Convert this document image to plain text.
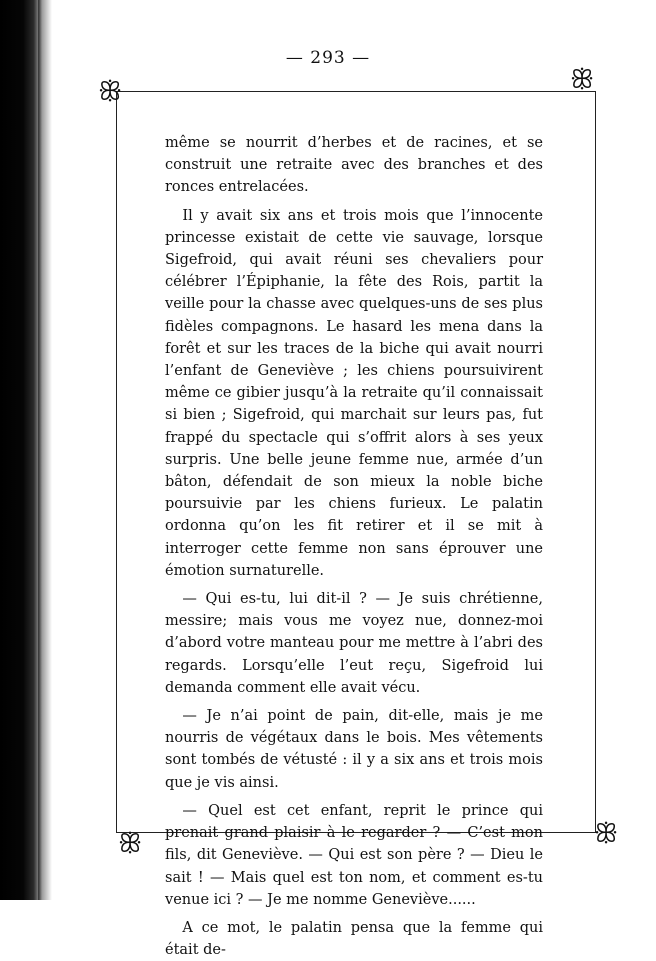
— 293 —
ꕥ	ꕥ
ꕥ	ꕥ

même se nourrit d’herbes et de racines, et se construit une retraite avec des branches et des ronces entrelacées.

Il y avait six ans et trois mois que l’innocente princesse existait de cette vie sauvage, lorsque Sigefroid, qui avait réuni ses chevaliers pour célébrer l’Épiphanie, la fête des Rois, partit la veille pour la chasse avec quelques-uns de ses plus fidèles compagnons. Le hasard les mena dans la forêt et sur les traces de la biche qui avait nourri l’enfant de Geneviève ; les chiens poursuivirent même ce gibier jusqu’à la retraite qu’il connaissait si bien ; Sigefroid, qui marchait sur leurs pas, fut frappé du spectacle qui s’offrit alors à ses yeux surpris. Une belle jeune femme nue, armée d’un bâton, défendait de son mieux la noble biche poursuivie par les chiens furieux. Le palatin ordonna qu’on les fit retirer et il se mit à interroger cette femme non sans éprouver une émotion surnaturelle.

— Qui es-tu, lui dit-il ? — Je suis chrétienne, messire; mais vous me voyez nue, donnez-moi d’abord votre manteau pour me mettre à l’abri des regards. Lorsqu’elle l’eut reçu, Sigefroid lui demanda comment elle avait vécu.

— Je n’ai point de pain, dit-elle, mais je me nourris de végétaux dans le bois. Mes vêtements sont tombés de vétusté : il y a six ans et trois mois que je vis ainsi.

— Quel est cet enfant, reprit le prince qui prenait grand plaisir à le regarder ? — C’est mon fils, dit Geneviève. — Qui est son père ? — Dieu le sait ! — Mais quel est ton nom, et comment es-tu venue ici ? — Je me nomme Geneviève......

A ce mot, le palatin pensa que la femme qui était de-
